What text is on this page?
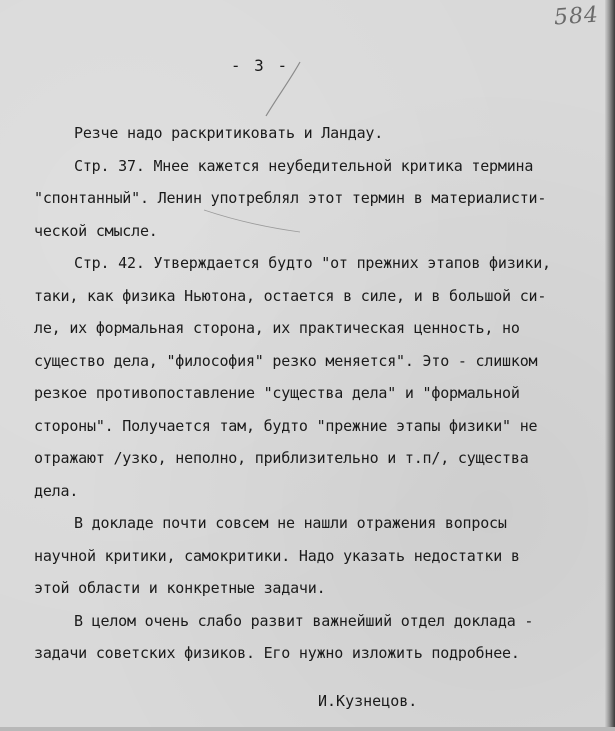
584
- 3 -
Резче надо раскритиковать и Ландау.
Стр. 37. Мнее кажется неубедительной критика термина
"спонтанный". Ленин употреблял этот термин в материалисти-
ческой смысле.
Стр. 42. Утверждается будто "от прежних этапов физики,
таки, как физика Ньютона, остается в силе, и в большой си-
ле, их формальная сторона, их практическая ценность, но
существо дела, "философия" резко меняется". Это - слишком
резкое противопоставление "существа дела" и "формальной
стороны". Получается там, будто "прежние этапы физики" не
отражают /узко, неполно, приблизительно и т.п/, существа
дела.
В докладе почти совсем не нашли отражения вопросы
научной критики, самокритики. Надо указать недостатки в
этой области и конкретные задачи.
В целом очень слабо развит важнейший отдел доклада -
задачи советских физиков. Его нужно изложить подробнее.
И.Кузнецов.
